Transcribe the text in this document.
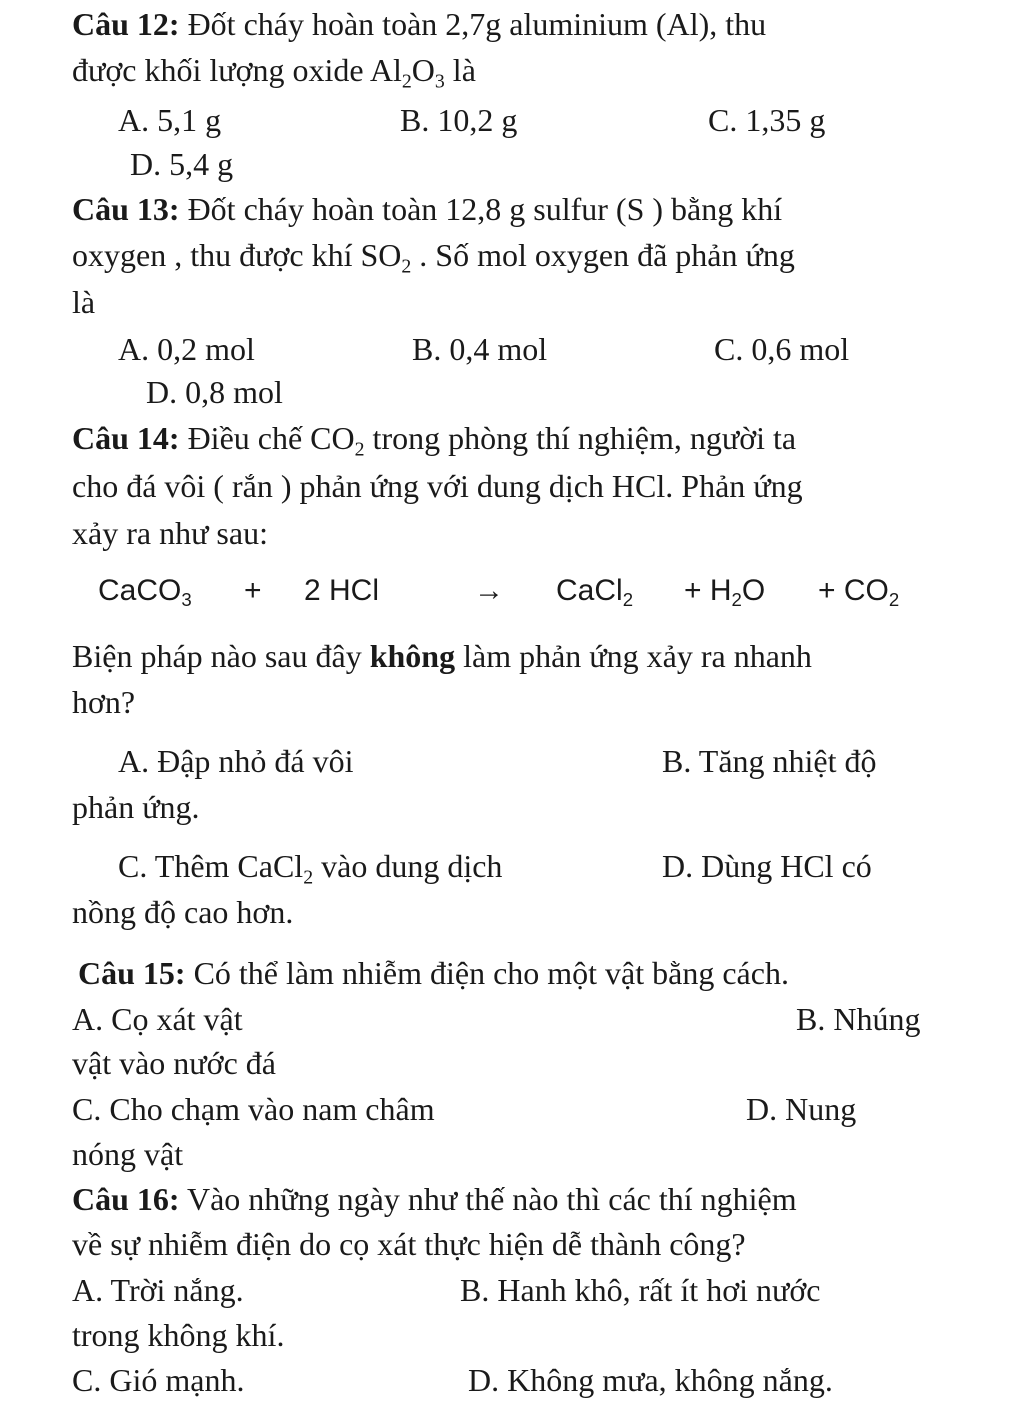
Câu 12: Đốt cháy hoàn toàn 2,7g aluminium (Al), thu
được khối lượng oxide $Al_2O_3$ là
A. 5,1 g	B. 10,2 g	C. 1,35 g
D. 5,4 g
Câu 13: Đốt cháy hoàn toàn 12,8 g sulfur (S ) bằng khí
oxygen , thu được khí $SO_2$ . Số mol oxygen đã phản ứng
là
A. 0,2 mol	B. 0,4 mol	C. 0,6 mol
D. 0,8 mol
Câu 14: Điều chế $CO_2$ trong phòng thí nghiệm, người ta
cho đá vôi ( rắn ) phản ứng với dung dịch HCl. Phản ứng
xảy ra như sau:
CaCO$_3$ + 2 HCl	→ CaCl$_2$ + $H_2O + CO_2$
Biện pháp nào sau đây không làm phản ứng xảy ra nhanh
hơn?
A. Đập nhỏ đá vôi	B. Tăng nhiệt độ
phản ứng.
C. Thêm CaCl$_2$ vào dung dịch	D. Dùng HCl có
nồng độ cao hơn.
Câu 15: Có thể làm nhiễm điện cho một vật bằng cách.
A. Cọ xát vật	B. Nhúng
vật vào nước đá
C. Cho chạm vào nam châm	D. Nung
nóng vật
Câu 16: Vào những ngày như thế nào thì các thí nghiệm
về sự nhiễm điện do cọ xát thực hiện dễ thành công?
A. Trời nắng.	B. Hanh khô, rất ít hơi nước
trong không khí.
C. Gió mạnh.	D. Không mưa, không nắng.
